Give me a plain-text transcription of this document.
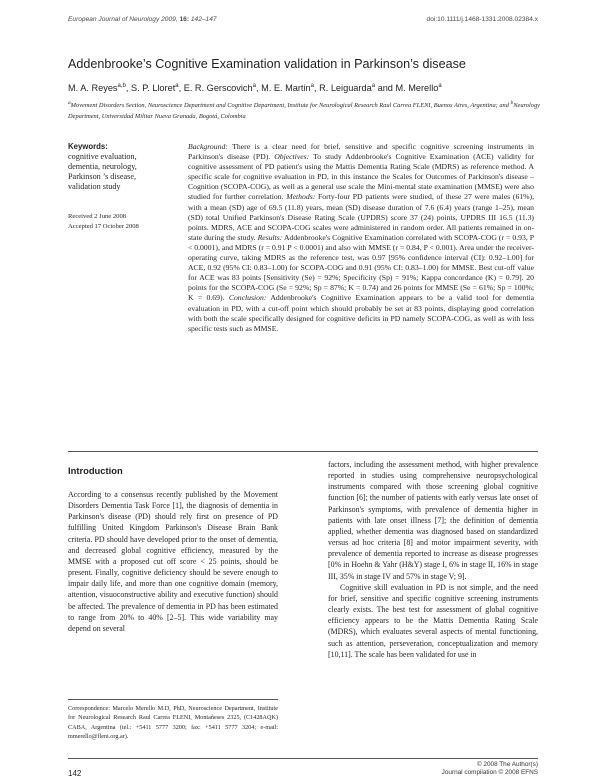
European Journal of Neurology 2009, 16: 142–147	doi:10.1111/j.1468-1331.2008.02384.x
Addenbrooke’s Cognitive Examination validation in Parkinson’s disease
M. A. Reyes$^{a,b}$, S. P. Lloret$^a$, E. R. Gerscovich$^a$, M. E. Martin$^a$, R. Leiguarda$^a$ and M. Merello$^a$
$^a$Movement Disorders Section, Neuroscience Department and Cognitive Department, Institute for Neurological Research Raul Carrea FLENI, Buenos Aires, Argentina; and $^b$Neurology Department, Universidad Militar Nueva Granada, Bogotá, Colombia
Keywords:
cognitive evaluation, dementia, neurology, Parkinson ’s disease, validation study
Received 2 June 2008
Accepted 17 October 2008
Background: There is a clear need for brief, sensitive and specific cognitive screening instruments in Parkinson's disease (PD). Objectives: To study Addenbrooke's Cognitive Examination (ACE) validity for cognitive assessment of PD patient's using the Mattis Dementia Rating Scale (MDRS) as reference method. A specific scale for cognitive evaluation in PD, in this instance the Scales for Outcomes of Parkinson's disease – Cognition (SCOPA-COG), as well as a general use scale the Mini-mental state examination (MMSE) were also studied for further correlation. Methods: Forty-four PD patients were studied, of these 27 were males (61%), with a mean (SD) age of 69.5 (11.8) years, mean (SD) disease duration of 7.6 (6.4) years (range 1–25), mean (SD) total Unified Parkinson's Disease Rating Scale (UPDRS) score 37 (24) points, UPDRS III 16.5 (11.3) points. MDRS, ACE and SCOPA-COG scales were administered in random order. All patients remained in on-state during the study. Results: Addenbrooke's Cognitive Examination correlated with SCOPA-COG (r = 0.93, P < 0.0001), and MDRS (r = 0.91 P < 0.0001) and also with MMSE (r = 0.84, P < 0.001). Area under the receiver-operating curve, taking MDRS as the reference test, was 0.97 [95% confidence interval (CI): 0.92–1.00] for ACE, 0.92 (95% CI: 0.83–1.00) for SCOPA-COG and 0.91 (95% CI: 0.83–1.00) for MMSE. Best cut-off value for ACE was 83 points [Sensitivity (Se) = 92%; Specificity (Sp) = 91%; Kappa concordance (K) = 0.79]. 20 points for the SCOPA-COG (Se = 92%; Sp = 87%; K = 0.74) and 26 points for MMSE (Se = 61%; Sp = 100%; K = 0.69). Conclusion: Addenbrooke's Cognitive Examination appears to be a valid tool for dementia evaluation in PD, with a cut-off point which should probably be set at 83 points, displaying good correlation with both the scale specifically designed for cognitive deficits in PD namely SCOPA-COG, as well as with less specific tests such as MMSE.
Introduction

According to a consensus recently published by the Movement Disorders Dementia Task Force [1], the diagnosis of dementia in Parkinson's disease (PD) should rely first on presence of PD fulfilling United Kingdom Parkinson's Disease Brain Bank criteria. PD should have developed prior to the onset of dementia, and decreased global cognitive efficiency, measured by the MMSE with a proposed cut off score < 25 points, should be present. Finally, cognitive deficiency should be severe enough to impair daily life, and more than one cognitive domain (memory, attention, visuoconstructive ability and executive function) should be affected. The prevalence of dementia in PD has been estimated to range from 20% to 40% [2–5]. This wide variability may depend on several

factors, including the assessment method, with higher prevalence reported in studies using comprehensive neuropsychological instruments compared with those screening global cognitive function [6]; the number of patients with early versus late onset of Parkinson's symptoms, with prevalence of dementia higher in patients with late onset illness [7]; the definition of dementia applied, whether dementia was diagnosed based on standardized versus ad hoc criteria [8] and motor impairment severity, with prevalence of dementia reported to increase as disease progresses [0% in Hoehn & Yahr (H&Y) stage I, 6% in stage II, 16% in stage III, 35% in stage IV and 57% in stage V; 9].

Cognitive skill evaluation in PD is not simple, and the need for brief, sensitive and specific cognitive screening instruments clearly exists. The best test for assessment of global cognitive efficiency appears to be the Mattis Dementia Rating Scale (MDRS), which evaluates several aspects of mental functioning, such as attention, perseveration, conceptualization and memory [10,11]. The scale has been validated for use in

Correspondence: Marcelo Merello M.D, PhD, Neuroscience Department, Institute for Neurological Research Raul Carrea FLENI, Montañeses 2325, (C1428AQK) CABA, Argentina (tel.: +5411 5777 3200; fax: +5411 5777 3204; e-mail: mmerello@fleni.org.ar).
142
© 2008 The Author(s)
Journal compilation © 2008 EFNS
